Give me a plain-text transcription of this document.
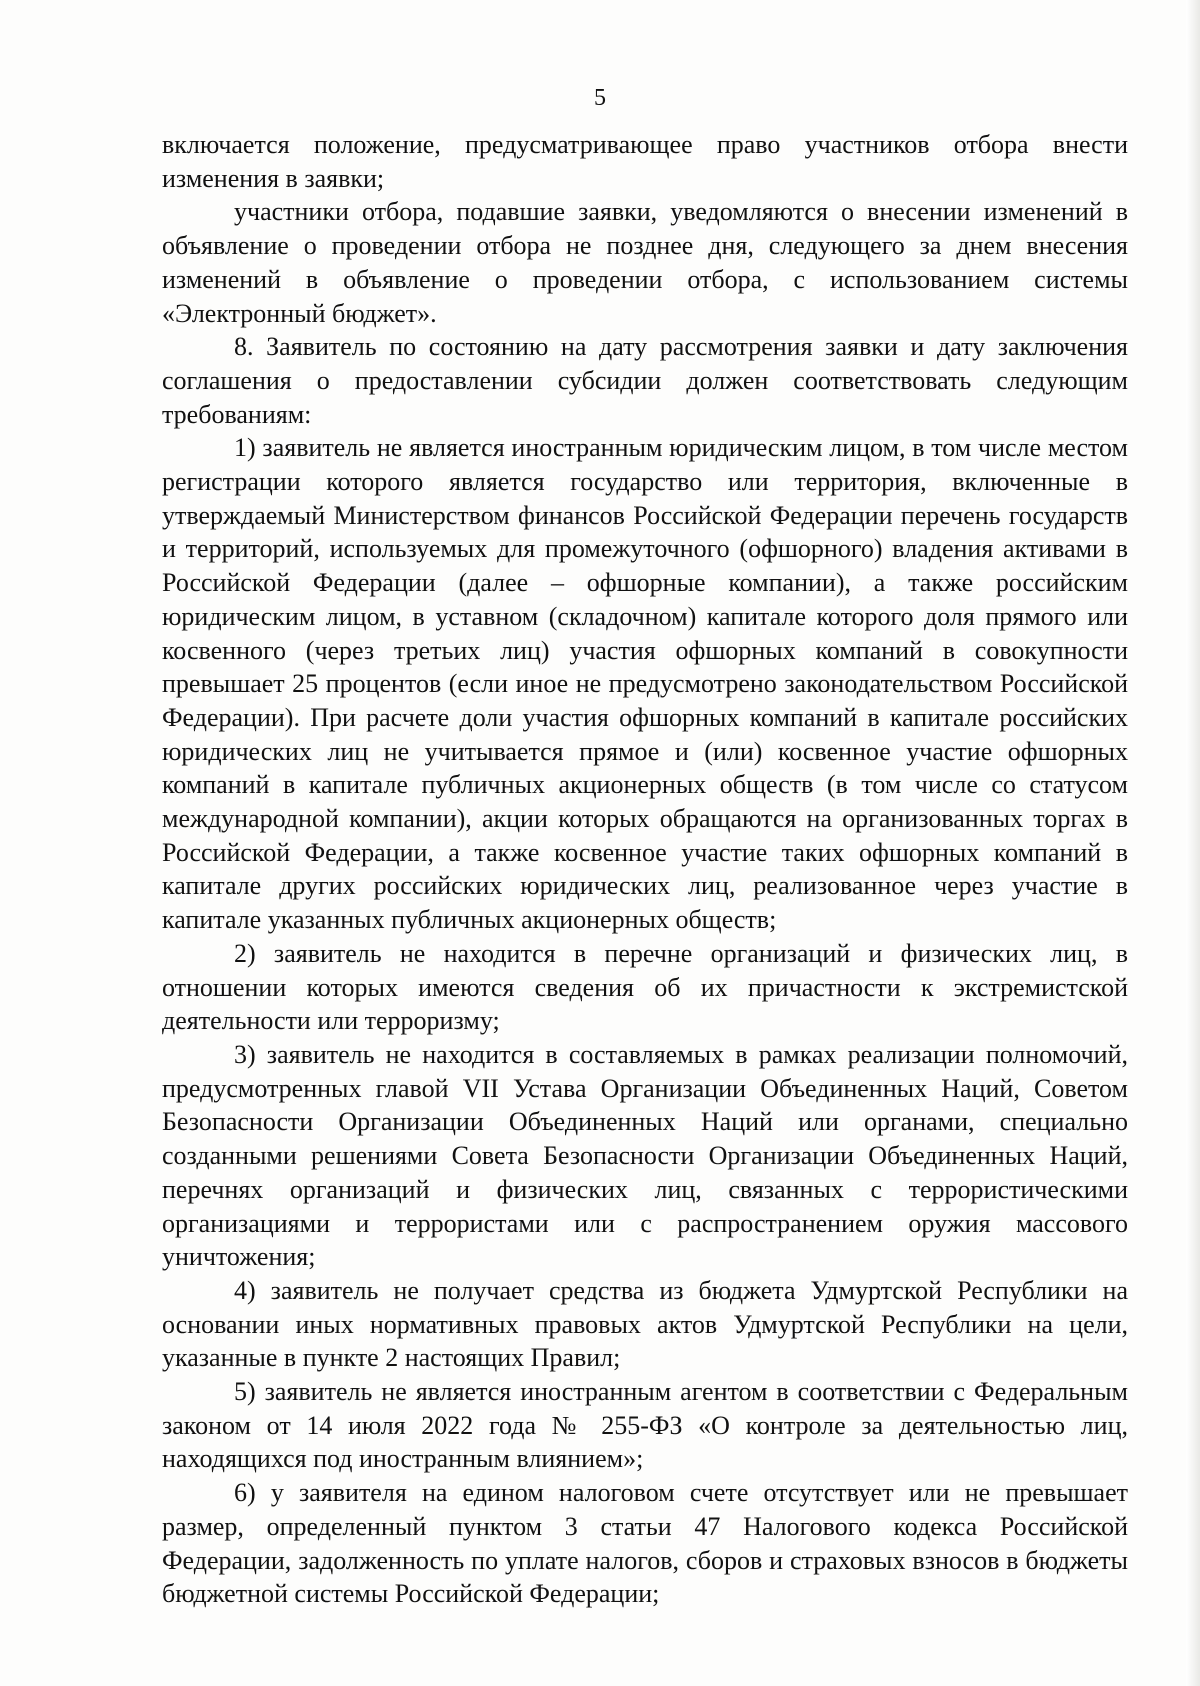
5

включается положение, предусматривающее право участников отбора внести изменения в заявки;

участники отбора, подавшие заявки, уведомляются о внесении изменений в объявление о проведении отбора не позднее дня, следующего за днем внесения изменений в объявление о проведении отбора, с использованием системы «Электронный бюджет».

8. Заявитель по состоянию на дату рассмотрения заявки и дату заключения соглашения о предоставлении субсидии должен соответствовать следующим требованиям:

1) заявитель не является иностранным юридическим лицом, в том числе местом регистрации которого является государство или территория, включенные в утверждаемый Министерством финансов Российской Федерации перечень государств и территорий, используемых для промежуточного (офшорного) владения активами в Российской Федерации (далее – офшорные компании), а также российским юридическим лицом, в уставном (складочном) капитале которого доля прямого или косвенного (через третьих лиц) участия офшорных компаний в совокупности превышает 25 процентов (если иное не предусмотрено законодательством Российской Федерации). При расчете доли участия офшорных компаний в капитале российских юридических лиц не учитывается прямое и (или) косвенное участие офшорных компаний в капитале публичных акционерных обществ (в том числе со статусом международной компании), акции которых обращаются на организованных торгах в Российской Федерации, а также косвенное участие таких офшорных компаний в капитале других российских юридических лиц, реализованное через участие в капитале указанных публичных акционерных обществ;

2) заявитель не находится в перечне организаций и физических лиц, в отношении которых имеются сведения об их причастности к экстремистской деятельности или терроризму;

3) заявитель не находится в составляемых в рамках реализации полномочий, предусмотренных главой VII Устава Организации Объединенных Наций, Советом Безопасности Организации Объединенных Наций или органами, специально созданными решениями Совета Безопасности Организации Объединенных Наций, перечнях организаций и физических лиц, связанных с террористическими организациями и террористами или с распространением оружия массового уничтожения;

4) заявитель не получает средства из бюджета Удмуртской Республики на основании иных нормативных правовых актов Удмуртской Республики на цели, указанные в пункте 2 настоящих Правил;

5) заявитель не является иностранным агентом в соответствии с Федеральным законом от 14 июля 2022 года № 255-ФЗ «О контроле за деятельностью лиц, находящихся под иностранным влиянием»;

6) у заявителя на едином налоговом счете отсутствует или не превышает размер, определенный пунктом 3 статьи 47 Налогового кодекса Российской Федерации, задолженность по уплате налогов, сборов и страховых взносов в бюджеты бюджетной системы Российской Федерации;
